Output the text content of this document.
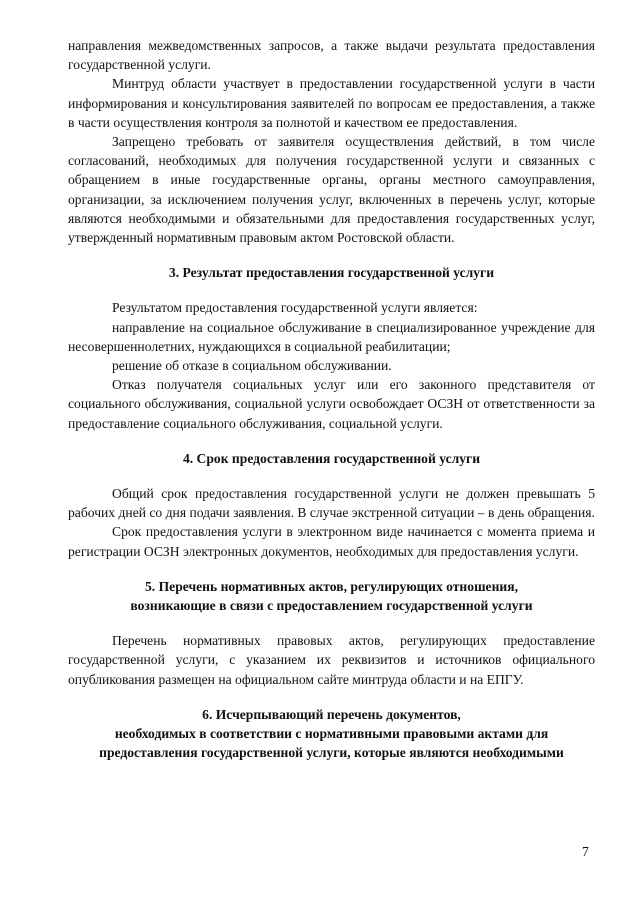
направления межведомственных запросов, а также выдачи результата предоставления государственной услуги.

Минтруд области участвует в предоставлении государственной услуги в части информирования и консультирования заявителей по вопросам ее предоставления, а также в части осуществления контроля за полнотой и качеством ее предоставления.

Запрещено требовать от заявителя осуществления действий, в том числе согласований, необходимых для получения государственной услуги и связанных с обращением в иные государственные органы, органы местного самоуправления, организации, за исключением получения услуг, включенных в перечень услуг, которые являются необходимыми и обязательными для предоставления государственных услуг, утвержденный нормативным правовым актом Ростовской области.

3. Результат предоставления государственной услуги

Результатом предоставления государственной услуги является:

направление на социальное обслуживание в специализированное учреждение для несовершеннолетних, нуждающихся в социальной реабилитации;

решение об отказе в социальном обслуживании.

Отказ получателя социальных услуг или его законного представителя от социального обслуживания, социальной услуги освобождает ОСЗН от ответственности за предоставление социального обслуживания, социальной услуги.

4. Срок предоставления государственной услуги

Общий срок предоставления государственной услуги не должен превышать 5 рабочих дней со дня подачи заявления. В случае экстренной ситуации – в день обращения.

Срок предоставления услуги в электронном виде начинается с момента приема и регистрации ОСЗН электронных документов, необходимых для предоставления услуги.

5. Перечень нормативных актов, регулирующих отношения,
возникающие в связи с предоставлением государственной услуги

Перечень нормативных правовых актов, регулирующих предоставление государственной услуги, с указанием их реквизитов и источников официального опубликования размещен на официальном сайте минтруда области и на ЕПГУ.

6. Исчерпывающий перечень документов,
необходимых в соответствии с нормативными правовыми актами для
предоставления государственной услуги, которые являются необходимыми
7
